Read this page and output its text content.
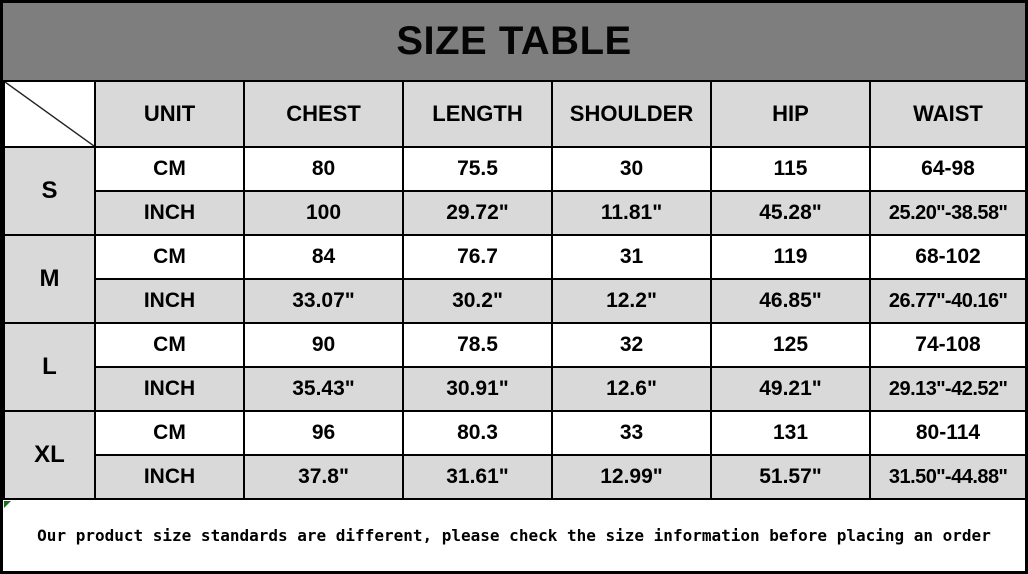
SIZE TABLE
	UNIT	CHEST	LENGTH	SHOULDER	HIP	WAIST
S	CM	80	75.5	30	115	64-98
	INCH	100	29.72"	11.81"	45.28"	25.20''-38.58''
M	CM	84	76.7	31	119	68-102
	INCH	33.07"	30.2"	12.2"	46.85"	26.77''-40.16''
L	CM	90	78.5	32	125	74-108
	INCH	35.43"	30.91"	12.6"	49.21"	29.13''-42.52''
XL	CM	96	80.3	33	131	80-114
	INCH	37.8"	31.61"	12.99"	51.57"	31.50''-44.88''
Our product size standards are different, please check the size information before placing an order
